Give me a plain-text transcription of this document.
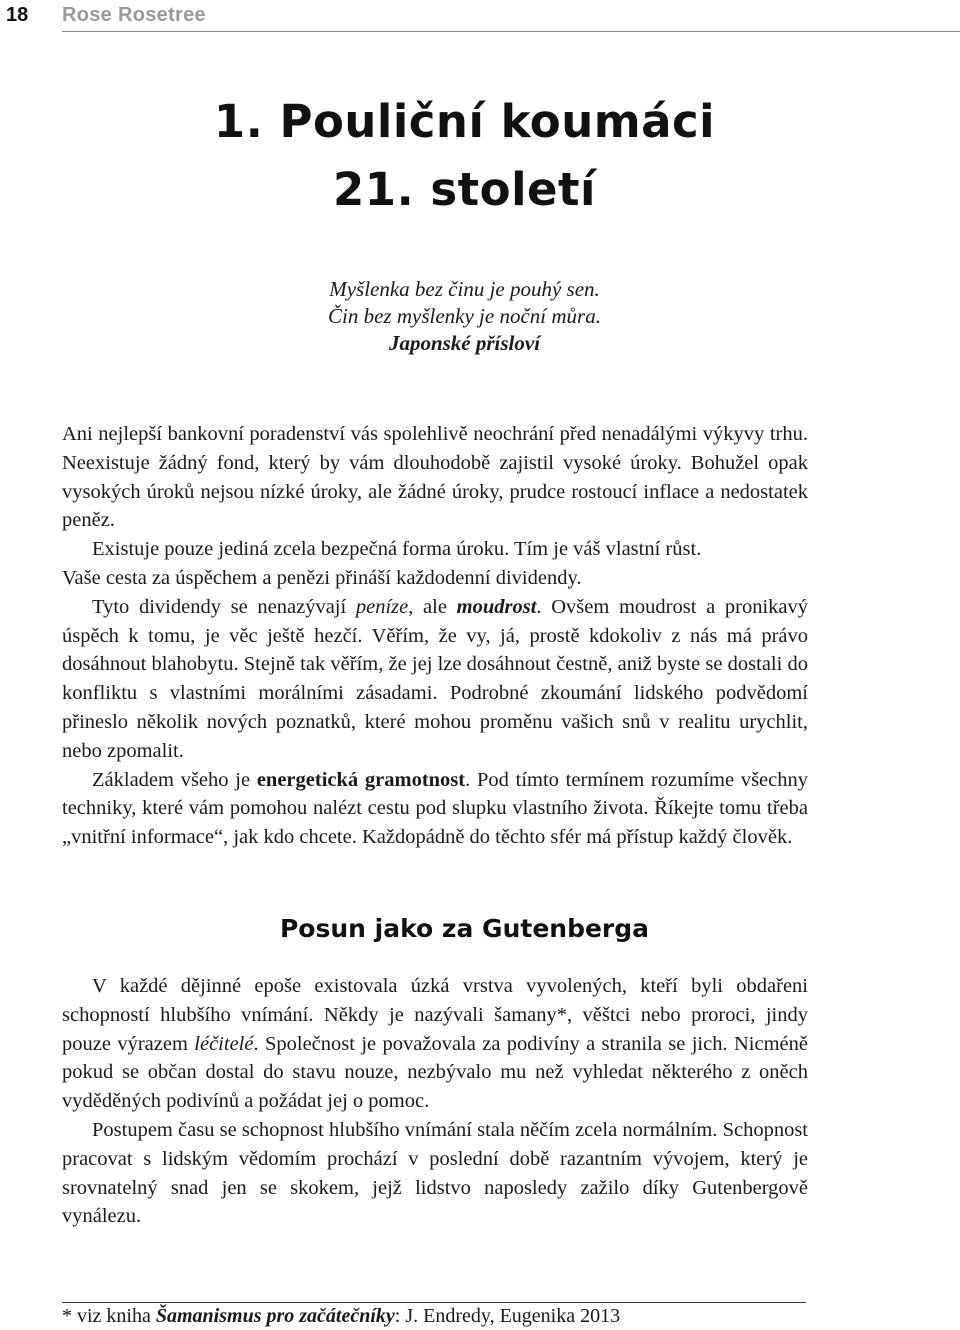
18	Rose Rosetree
1. Pouliční koumáci
21. století
Myšlenka bez činu je pouhý sen.
Čin bez myšlenky je noční můra.
Japonské přísloví

Ani nejlepší bankovní poradenství vás spolehlivě neochrání před nenadálými výkyvy trhu. Neexistuje žádný fond, který by vám dlouhodobě zajistil vysoké úroky. Bohužel opak vysokých úroků nejsou nízké úroky, ale žádné úroky, prudce rostoucí inflace a nedostatek peněz.

Existuje pouze jediná zcela bezpečná forma úroku. Tím je váš vlastní růst.

Vaše cesta za úspěchem a penězi přináší každodenní dividendy.

Tyto dividendy se nenazývají peníze, ale moudrost. Ovšem moudrost a pronikavý úspěch k tomu, je věc ještě hezčí. Věřím, že vy, já, prostě kdokoliv z nás má právo dosáhnout blahobytu. Stejně tak věřím, že jej lze dosáhnout čestně, aniž byste se dostali do konfliktu s vlastními morálními zásadami. Podrobné zkoumání lidského podvědomí přineslo několik nových poznatků, které mohou proměnu vašich snů v realitu urychlit, nebo zpomalit.

Základem všeho je energetická gramotnost. Pod tímto termínem rozumíme všechny techniky, které vám pomohou nalézt cestu pod slupku vlastního života. Říkejte tomu třeba „vnitřní informace“, jak kdo chcete. Každopádně do těchto sfér má přístup každý člověk.

Posun jako za Gutenberga

V každé dějinné epoše existovala úzká vrstva vyvolených, kteří byli obdařeni schopností hlubšího vnímání. Někdy je nazývali šamany*, věštci nebo proroci, jindy pouze výrazem léčitelé. Společnost je považovala za podivíny a stranila se jich. Nicméně pokud se občan dostal do stavu nouze, nezbývalo mu než vyhledat některého z oněch vyděděných podivínů a požádat jej o pomoc.

Postupem času se schopnost hlubšího vnímání stala něčím zcela normálním. Schopnost pracovat s lidským vědomím prochází v poslední době razantním vývojem, který je srovnatelný snad jen se skokem, jejž lidstvo naposledy zažilo díky Gutenbergově vynálezu.

* viz kniha Šamanismus pro začátečníky: J. Endredy, Eugenika 2013
